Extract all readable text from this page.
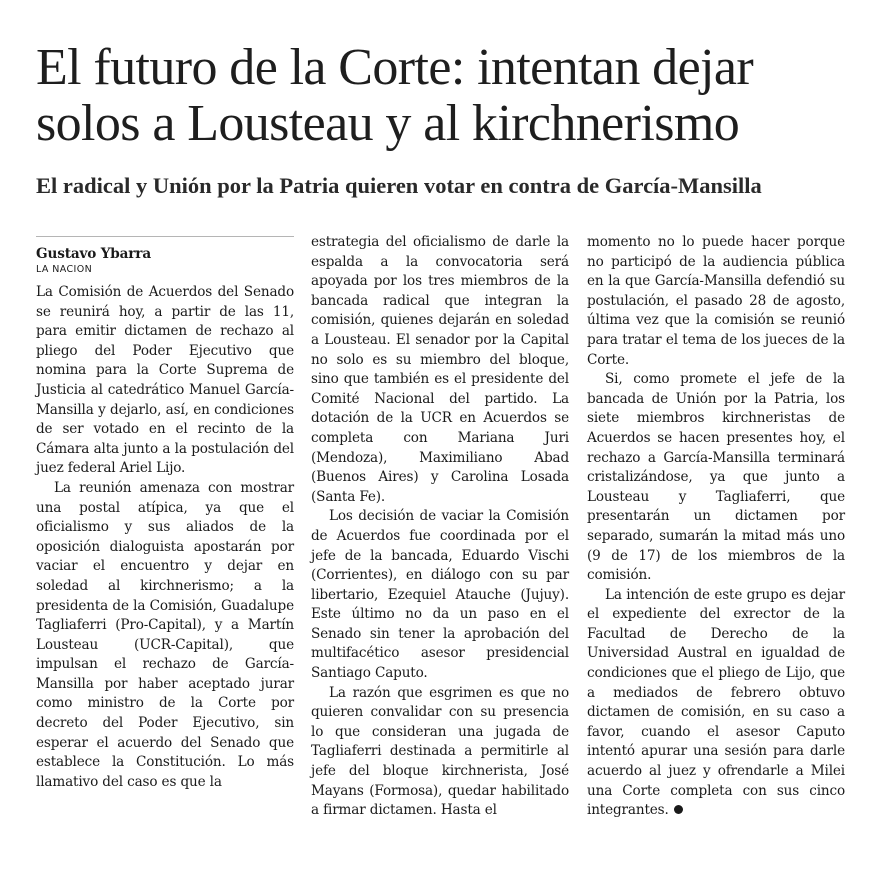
El futuro de la Corte: intentan dejar solos a Lousteau y al kirchnerismo
El radical y Unión por la Patria quieren votar en contra de García-Mansilla
Gustavo Ybarra
LA NACION

La Comisión de Acuerdos del Senado se reunirá hoy, a partir de las 11, para emitir dictamen de rechazo al pliego del Poder Ejecutivo que nomina para la Corte Suprema de Justicia al catedrático Manuel García-Mansilla y dejarlo, así, en condiciones de ser votado en el recinto de la Cámara alta junto a la postulación del juez federal Ariel Lijo.

La reunión amenaza con mostrar una postal atípica, ya que el oficialismo y sus aliados de la oposición dialoguista apostarán por vaciar el encuentro y dejar en soledad al kirchnerismo; a la presidenta de la Comisión, Guadalupe Tagliaferri (Pro-Capital), y a Martín Lousteau (UCR-Capital), que impulsan el rechazo de García-Mansilla por haber aceptado jurar como ministro de la Corte por decreto del Poder Ejecutivo, sin esperar el acuerdo del Senado que establece la Constitución. Lo más llamativo del caso es que la

estrategia del oficialismo de darle la espalda a la convocatoria será apoyada por los tres miembros de la bancada radical que integran la comisión, quienes dejarán en soledad a Lousteau. El senador por la Capital no solo es su miembro del bloque, sino que también es el presidente del Comité Nacional del partido. La dotación de la UCR en Acuerdos se completa con Mariana Juri (Mendoza), Maximiliano Abad (Buenos Aires) y Carolina Losada (Santa Fe).

Los decisión de vaciar la Comisión de Acuerdos fue coordinada por el jefe de la bancada, Eduardo Vischi (Corrientes), en diálogo con su par libertario, Ezequiel Atauche (Jujuy). Este último no da un paso en el Senado sin tener la aprobación del multifacético asesor presidencial Santiago Caputo.

La razón que esgrimen es que no quieren convalidar con su presencia lo que consideran una jugada de Tagliaferri destinada a permitirle al jefe del bloque kirchnerista, José Mayans (Formosa), quedar habilitado a firmar dictamen. Hasta el

momento no lo puede hacer porque no participó de la audiencia pública en la que García-Mansilla defendió su postulación, el pasado 28 de agosto, última vez que la comisión se reunió para tratar el tema de los jueces de la Corte.

Si, como promete el jefe de la bancada de Unión por la Patria, los siete miembros kirchneristas de Acuerdos se hacen presentes hoy, el rechazo a García-Mansilla terminará cristalizándose, ya que junto a Lousteau y Tagliaferri, que presentarán un dictamen por separado, sumarán la mitad más uno (9 de 17) de los miembros de la comisión.

La intención de este grupo es dejar el expediente del exrector de la Facultad de Derecho de la Universidad Austral en igualdad de condiciones que el pliego de Lijo, que a mediados de febrero obtuvo dictamen de comisión, en su caso a favor, cuando el asesor Caputo intentó apurar una sesión para darle acuerdo al juez y ofrendarle a Milei una Corte completa con sus cinco integrantes.
